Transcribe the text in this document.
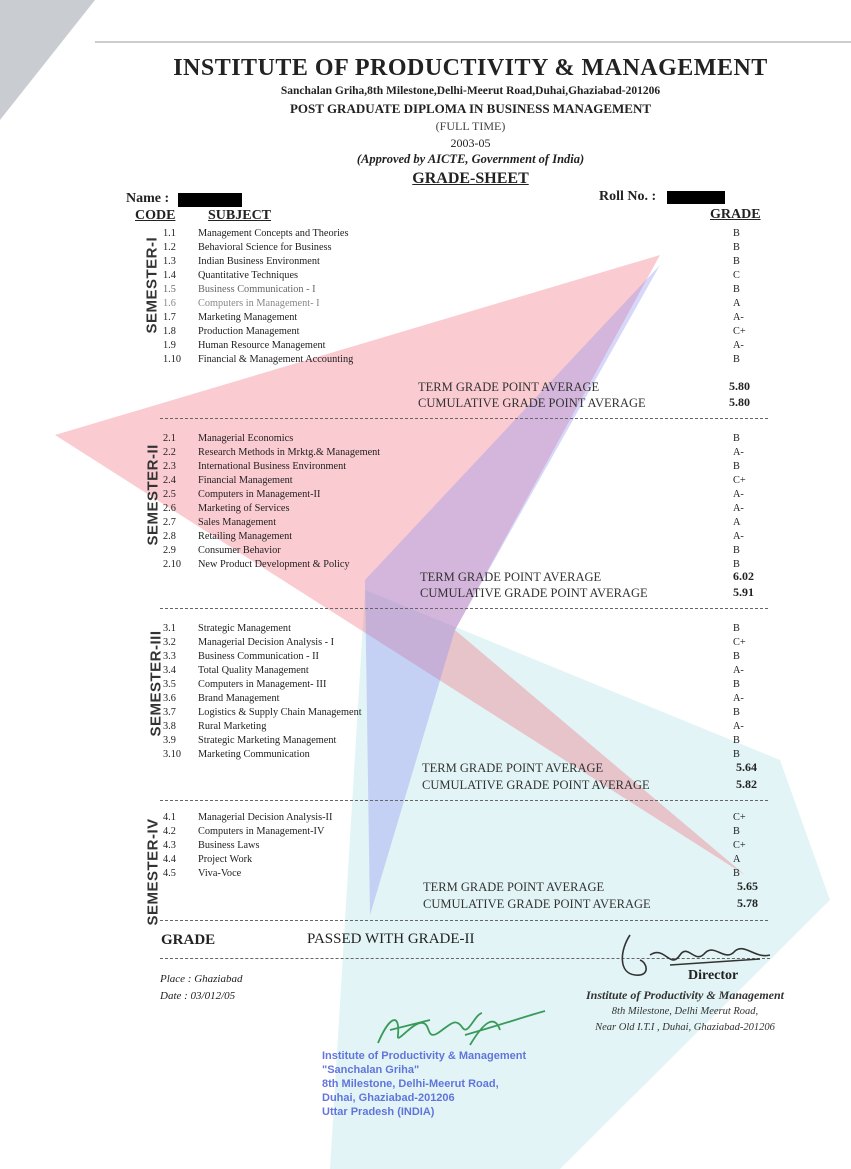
INSTITUTE OF PRODUCTIVITY & MANAGEMENT
Sanchalan Griha,8th Milestone,Delhi-Meerut Road,Duhai,Ghaziabad-201206
POST GRADUATE DIPLOMA IN BUSINESS MANAGEMENT
(FULL TIME)
2003-05
(Approved by AICTE, Government of India)
GRADE-SHEET
Name :	Roll No. :
CODE SUBJECT	GRADE
SEMESTER-I
1.1 Management Concepts and Theories	B
1.2 Behavioral Science for Business	B
1.3 Indian Business Environment	B
1.4 Quantitative Techniques	C
1.5 Business Communication - I	B
1.6 Computers in Management- I	A
1.7 Marketing Management	A-
1.8 Production Management	C+
1.9 Human Resource Management	A-
1.10 Financial & Management Accounting	B
TERM GRADE POINT AVERAGE	5.80
CUMULATIVE GRADE POINT AVERAGE	5.80
SEMESTER-II
2.1 Managerial Economics	B
2.2 Research Methods in Mrktg.& Management	A-
2.3 International Business Environment	B
2.4 Financial Management	C+
2.5 Computers in Management-II	A-
2.6 Marketing of Services	A-
2.7 Sales Management	A
2.8 Retailing Management	A-
2.9 Consumer Behavior	B
2.10 New Product Development & Policy	B
TERM GRADE POINT AVERAGE	6.02
CUMULATIVE GRADE POINT AVERAGE	5.91
SEMESTER-III
3.1 Strategic Management	B
3.2 Managerial Decision Analysis - I	C+
3.3 Business Communication - II	B
3.4 Total Quality Management	A-
3.5 Computers in Management- III	B
3.6 Brand Management	A-
3.7 Logistics & Supply Chain Management	B
3.8 Rural Marketing	A-
3.9 Strategic Marketing Management	B
3.10 Marketing Communication	B
TERM GRADE POINT AVERAGE	5.64
CUMULATIVE GRADE POINT AVERAGE	5.82
SEMESTER-IV
4.1 Managerial Decision Analysis-II	C+
4.2 Computers in Management-IV	B
4.3 Business Laws	C+
4.4 Project Work	A
4.5 Viva-Voce	B
TERM GRADE POINT AVERAGE	5.65
CUMULATIVE GRADE POINT AVERAGE	5.78
GRADE	PASSED WITH GRADE-II
Place : Ghaziabad
Date : 03/012/05
Director
Institute of Productivity & Management
8th Milestone, Delhi Meerut Road,
Near Old I.T.I , Duhai, Ghaziabad-201206
Institute of Productivity & Management
"Sanchalan Griha"
8th Milestone, Delhi-Meerut Road,
Duhai, Ghaziabad-201206
Uttar Pradesh (INDIA)
